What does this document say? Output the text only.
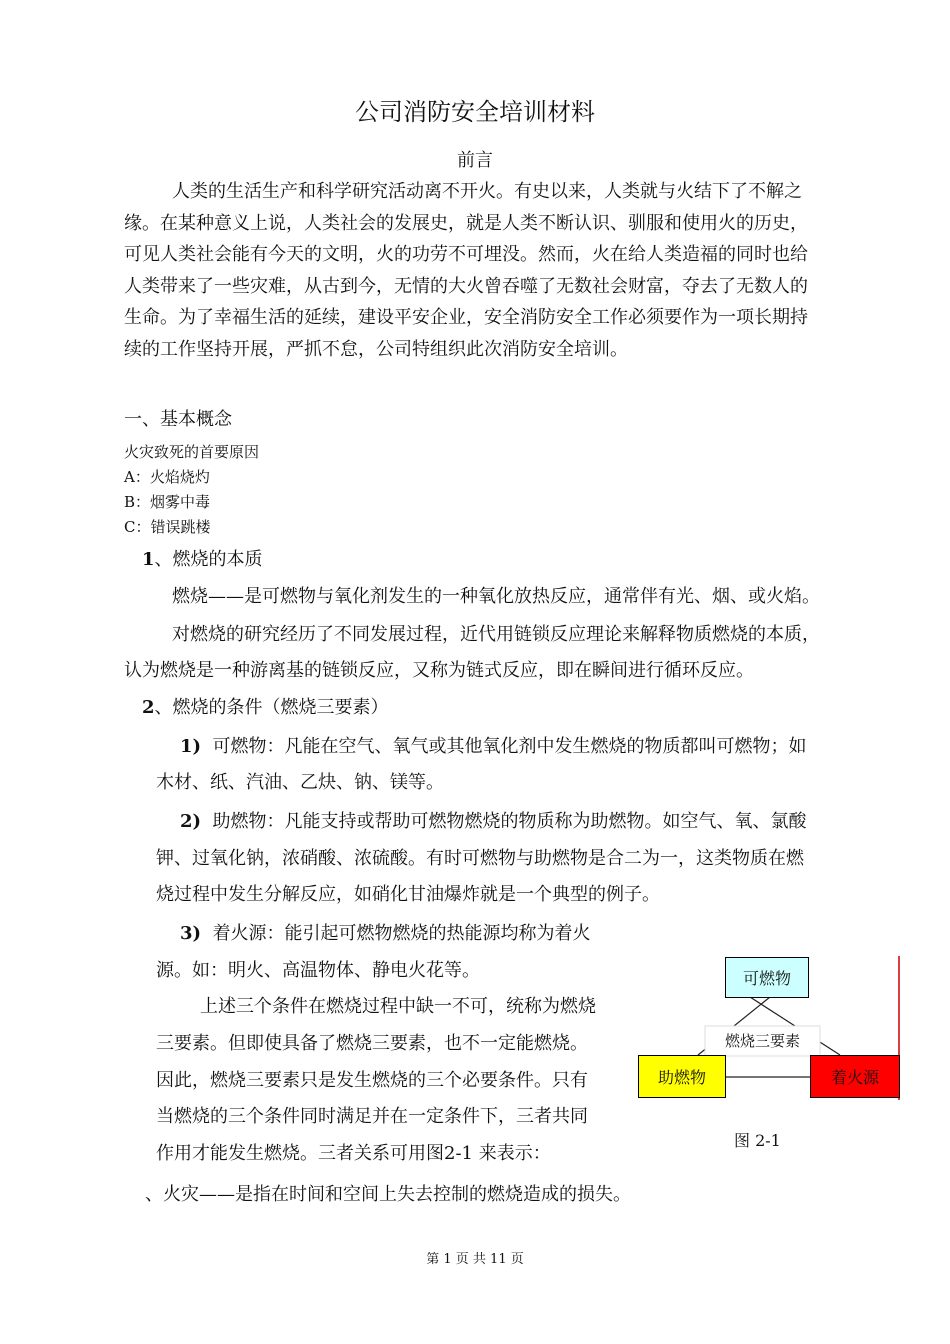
公司消防安全培训材料
前言

人类的生活生产和科学研究活动离不开火。有史以来，人类就与火结下了不解之

缘。在某种意义上说，人类社会的发展史，就是人类不断认识、驯服和使用火的历史，

可见人类社会能有今天的文明，火的功劳不可埋没。然而，火在给人类造福的同时也给

人类带来了一些灾难，从古到今，无情的大火曾吞噬了无数社会财富，夺去了无数人的

生命。为了幸福生活的延续，建设平安企业，安全消防安全工作必须要作为一项长期持

续的工作坚持开展，严抓不怠，公司特组织此次消防安全培训。

一、基本概念
火灾致死的首要原因
A：火焰烧灼
B：烟雾中毒
C：错误跳楼
1、燃烧的本质
燃烧——是可燃物与氧化剂发生的一种氧化放热反应，通常伴有光、烟、或火焰。
对燃烧的研究经历了不同发展过程，近代用链锁反应理论来解释物质燃烧的本质，
认为燃烧是一种游离基的链锁反应，又称为链式反应，即在瞬间进行循环反应。
2、燃烧的条件（燃烧三要素）
1) 可燃物：凡能在空气、氧气或其他氧化剂中发生燃烧的物质都叫可燃物；如
木材、纸、汽油、乙炔、钠、镁等。
2) 助燃物：凡能支持或帮助可燃物燃烧的物质称为助燃物。如空气、氧、氯酸
钾、过氧化钠，浓硝酸、浓硫酸。有时可燃物与助燃物是合二为一，这类物质在燃
烧过程中发生分解反应，如硝化甘油爆炸就是一个典型的例子。
3) 着火源：能引起可燃物燃烧的热能源均称为着火
源。如：明火、高温物体、静电火花等。
上述三个条件在燃烧过程中缺一不可，统称为燃烧
三要素。但即使具备了燃烧三要素，也不一定能燃烧。
因此，燃烧三要素只是发生燃烧的三个必要条件。只有
当燃烧的三个条件同时满足并在一定条件下，三者共同
作用才能发生燃烧。三者关系可用图2-1 来表示：
、火灾——是指在时间和空间上失去控制的燃烧造成的损失。
可燃物
燃烧三要素
助燃物	着火源
图 2-1
第 1 页 共 11 页
